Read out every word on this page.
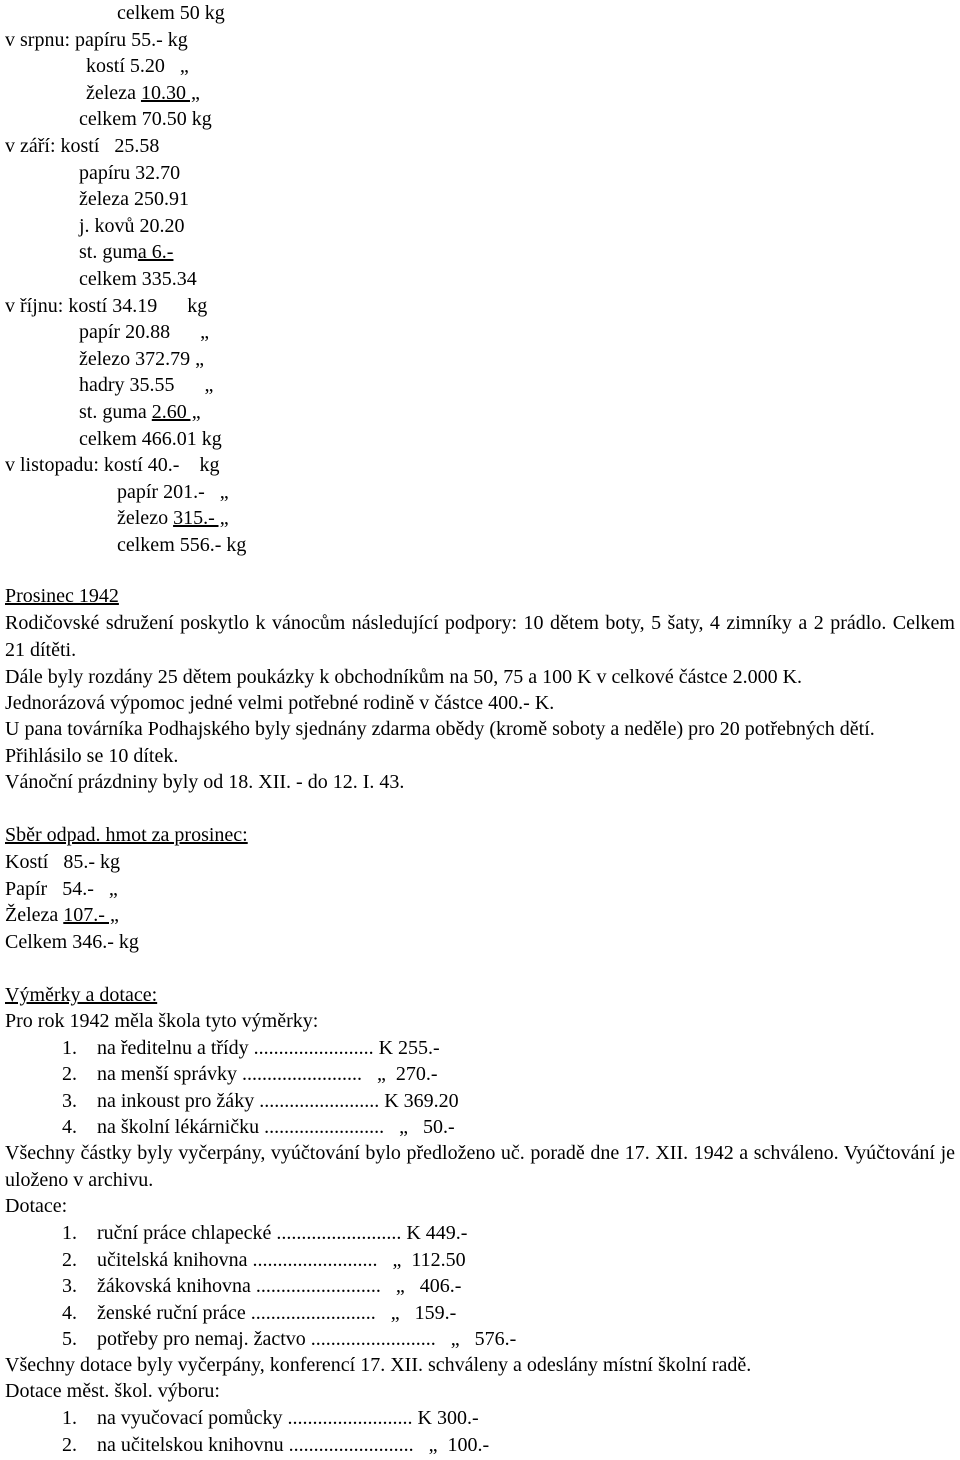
celkem 50 kg
v srpnu: papíru 55.- kg
kostí 5.20   „
železa 10.30 „
celkem 70.50 kg
v září: kostí   25.58
papíru 32.70
železa 250.91
j. kovů 20.20
st. guma 6.-
celkem 335.34
v říjnu: kostí 34.19      kg
papír 20.88      „
železo 372.79 „
hadry 35.55      „
st. guma 2.60 „
celkem 466.01 kg
v listopadu: kostí 40.-    kg
papír 201.-   „
železo 315.- „
celkem 556.- kg
Prosinec 1942
Rodičovské sdružení poskytlo k vánocům následující podpory: 10 dětem boty, 5 šaty, 4 zimníky a 2 prádlo. Celkem 21 dítěti.
Dále byly rozdány 25 dětem poukázky k obchodníkům na 50, 75 a 100 K v celkové částce 2.000 K.
Jednorázová výpomoc jedné velmi potřebné rodině v částce 400.- K.
U pana továrníka Podhajského byly sjednány zdarma obědy (kromě soboty a neděle) pro 20 potřebných dětí. Přihlásilo se 10 dítek.
Vánoční prázdniny byly od 18. XII. - do 12. I. 43.
Sběr odpad. hmot za prosinec:
Kostí   85.- kg
Papír   54.-   „
Železa 107.- „
Celkem 346.- kg
Výměrky a dotace:
Pro rok 1942 měla škola tyto výměrky:
1. na ředitelnu a třídy ........................ K 255.-
2. na menší správky ........................   „  270.-
3. na inkoust pro žáky ........................ K 369.20
4. na školní lékárničku ........................   „   50.-
Všechny částky byly vyčerpány, vyúčtování bylo předloženo uč. poradě dne 17. XII. 1942 a schváleno. Vyúčtování je uloženo v archivu.
Dotace:
1. ruční práce chlapecké ......................... K 449.-
2. učitelská knihovna .........................   „  112.50
3. žákovská knihovna .........................   „   406.-
4. ženské ruční práce .........................   „   159.-
5. potřeby pro nemaj. žactvo .........................   „   576.-
Všechny dotace byly vyčerpány, konferencí 17. XII. schváleny a odeslány místní školní radě.
Dotace měst. škol. výboru:
1. na vyučovací pomůcky ......................... K 300.-
2. na učitelskou knihovnu .........................   „  100.-
